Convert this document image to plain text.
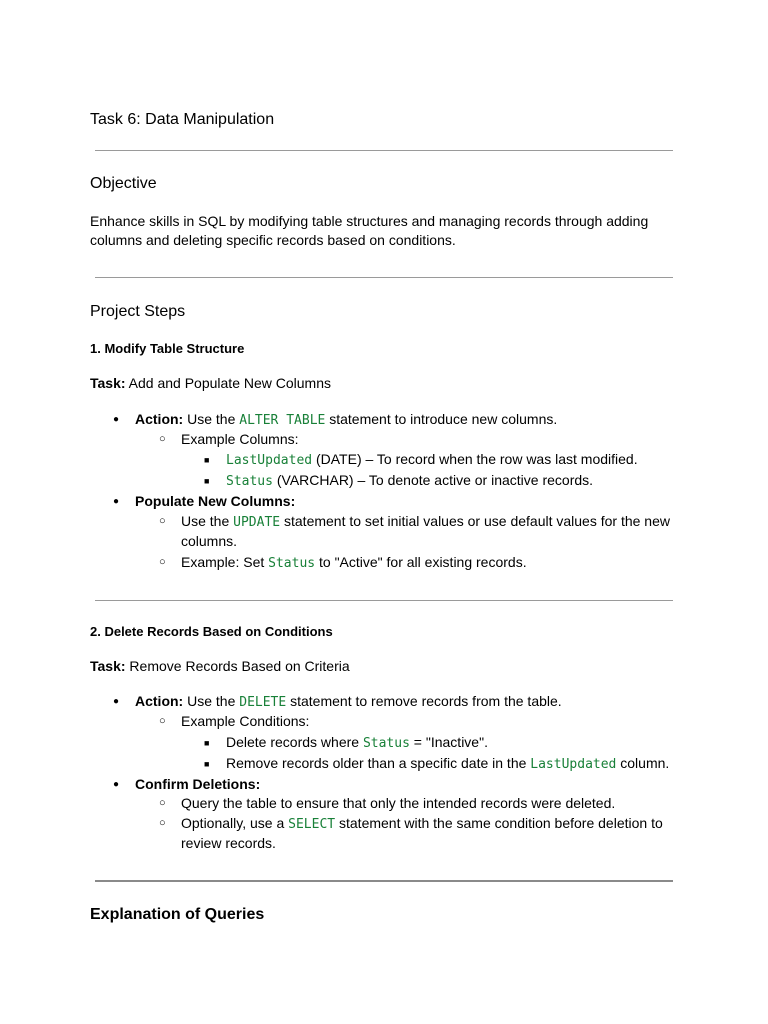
Task 6: Data Manipulation
Objective
Enhance skills in SQL by modifying table structures and managing records through adding columns and deleting specific records based on conditions.
Project Steps
1. Modify Table Structure
Task: Add and Populate New Columns
● Action: Use the ALTER TABLE statement to introduce new columns.
○ Example Columns:
■ LastUpdated (DATE) – To record when the row was last modified.
■ Status (VARCHAR) – To denote active or inactive records.
● Populate New Columns:
○ Use the UPDATE statement to set initial values or use default values for the new columns.
○ Example: Set Status to "Active" for all existing records.
2. Delete Records Based on Conditions
Task: Remove Records Based on Criteria
● Action: Use the DELETE statement to remove records from the table.
○ Example Conditions:
■ Delete records where Status = "Inactive".
■ Remove records older than a specific date in the LastUpdated column.
● Confirm Deletions:
○ Query the table to ensure that only the intended records were deleted.
○ Optionally, use a SELECT statement with the same condition before deletion to review records.
Explanation of Queries
